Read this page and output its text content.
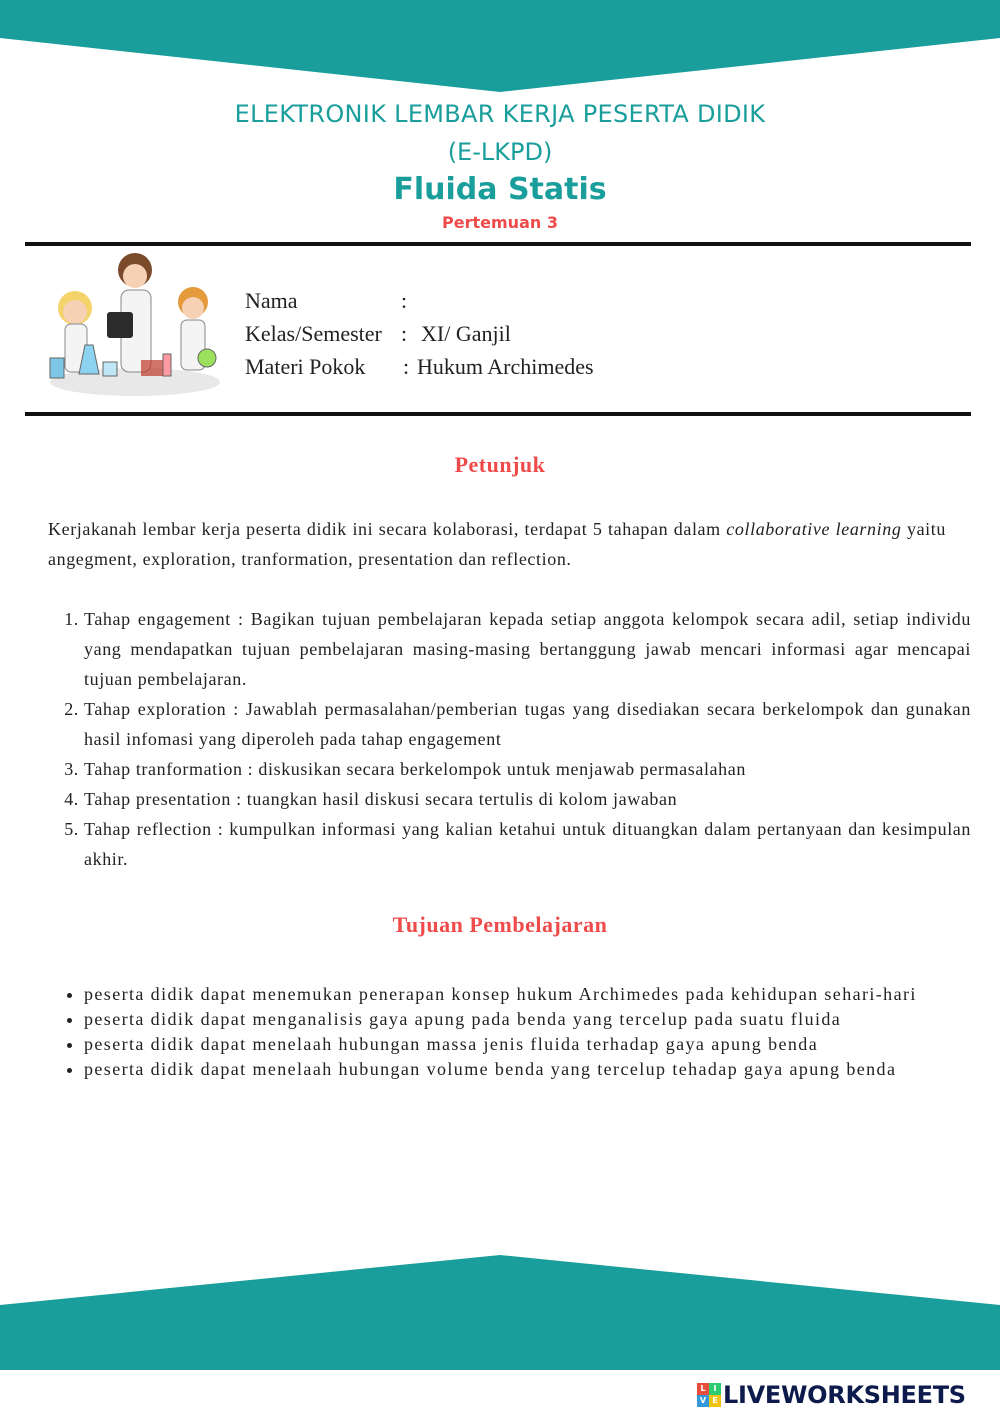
ELEKTRONIK LEMBAR KERJA PESERTA DIDIK
(E-LKPD)
Fluida Statis
Pertemuan 3
Nama	:
Kelas/Semester : XI/ Ganjil
Materi Pokok : Hukum Archimedes
Petunjuk

Kerjakanah lembar kerja peserta didik ini secara kolaborasi, terdapat 5 tahapan dalam collaborative learning yaitu angegment, exploration, tranformation, presentation dan reflection.

1. Tahap engagement : Bagikan tujuan pembelajaran kepada setiap anggota kelompok secara adil, setiap individu yang mendapatkan tujuan pembelajaran masing-masing bertanggung jawab mencari informasi agar mencapai tujuan pembelajaran.
2. Tahap exploration : Jawablah permasalahan/pemberian tugas yang disediakan secara berkelompok dan gunakan hasil infomasi yang diperoleh pada tahap engagement
3. Tahap tranformation : diskusikan secara berkelompok untuk menjawab permasalahan
4. Tahap presentation : tuangkan hasil diskusi secara tertulis di kolom jawaban
5. Tahap reflection : kumpulkan informasi yang kalian ketahui untuk dituangkan dalam pertanyaan dan kesimpulan akhir.
Tujuan Pembelajaran
• peserta didik dapat menemukan penerapan konsep hukum Archimedes pada kehidupan sehari-hari
• peserta didik dapat menganalisis gaya apung pada benda yang tercelup pada suatu fluida
• peserta didik dapat menelaah hubungan massa jenis fluida terhadap gaya apung benda
• peserta didik dapat menelaah hubungan volume benda yang tercelup tehadap gaya apung benda
L I
V E LIVEWORKSHEETS
